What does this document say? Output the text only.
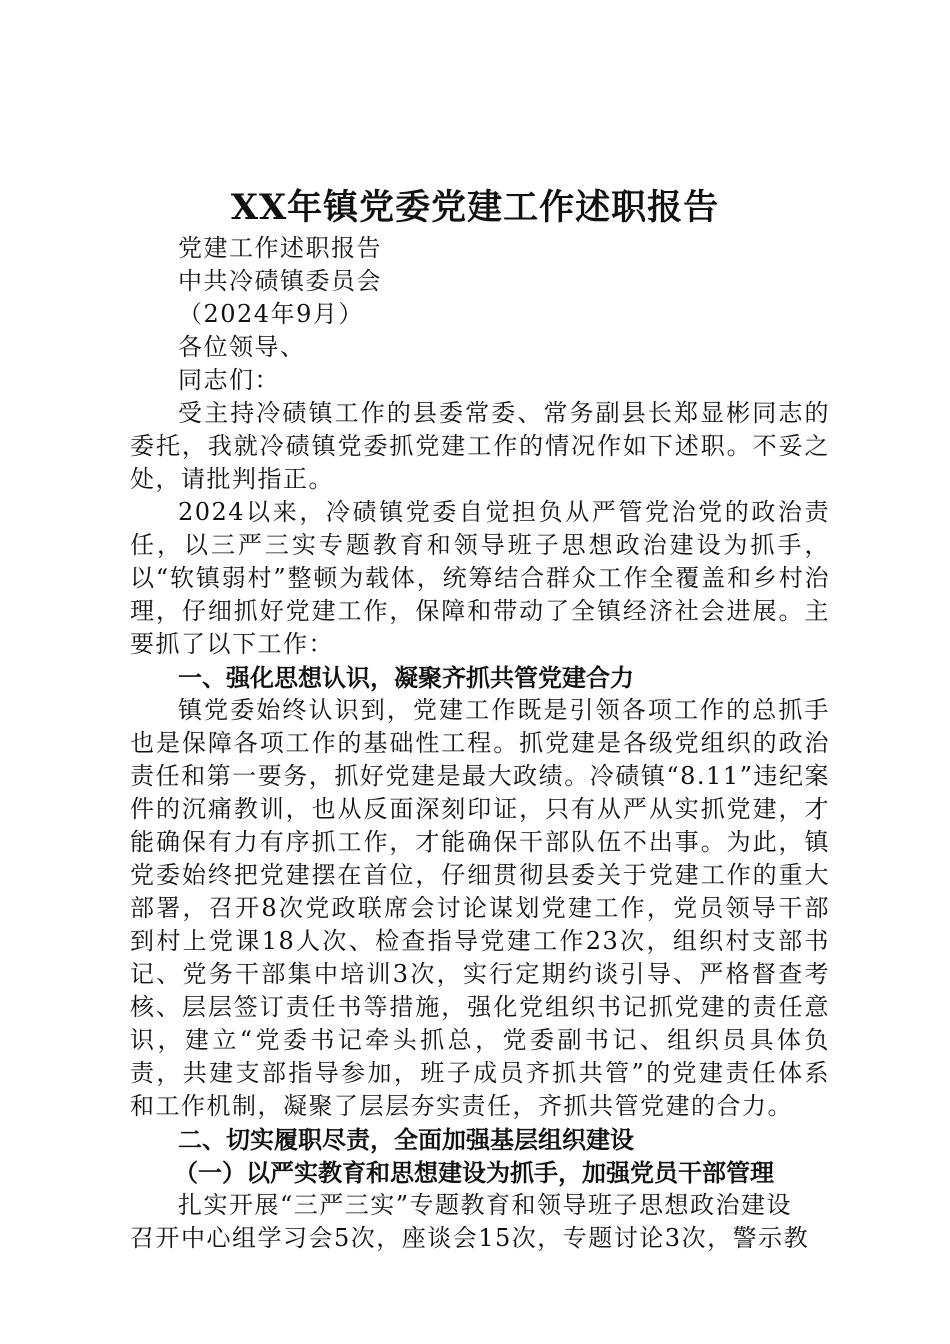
XX年镇党委党建工作述职报告

党建工作述职报告

中共冷碛镇委员会

（2024年9月）

各位领导、

同志们：

受主持冷碛镇工作的县委常委、常务副县长郑显彬同志的委托，我就冷碛镇党委抓党建工作的情况作如下述职。不妥之处，请批判指正。

2024以来，冷碛镇党委自觉担负从严管党治党的政治责任，以三严三实专题教育和领导班子思想政治建设为抓手，以“软镇弱村”整顿为载体，统筹结合群众工作全覆盖和乡村治理，仔细抓好党建工作，保障和带动了全镇经济社会进展。主要抓了以下工作：

一、强化思想认识，凝聚齐抓共管党建合力

镇党委始终认识到，党建工作既是引领各项工作的总抓手也是保障各项工作的基础性工程。抓党建是各级党组织的政治责任和第一要务，抓好党建是最大政绩。冷碛镇“8.11”违纪案件的沉痛教训，也从反面深刻印证，只有从严从实抓党建，才能确保有力有序抓工作，才能确保干部队伍不出事。为此，镇党委始终把党建摆在首位，仔细贯彻县委关于党建工作的重大部署，召开8次党政联席会讨论谋划党建工作，党员领导干部到村上党课18人次、检查指导党建工作23次，组织村支部书记、党务干部集中培训3次，实行定期约谈引导、严格督查考核、层层签订责任书等措施，强化党组织书记抓党建的责任意识，建立“党委书记牵头抓总，党委副书记、组织员具体负责，共建支部指导参加，班子成员齐抓共管”的党建责任体系和工作机制，凝聚了层层夯实责任，齐抓共管党建的合力。

二、切实履职尽责，全面加强基层组织建设

（一）以严实教育和思想建设为抓手，加强党员干部管理

扎实开展“三严三实”专题教育和领导班子思想政治建设

召开中心组学习会5次，座谈会15次，专题讨论3次，警示教
